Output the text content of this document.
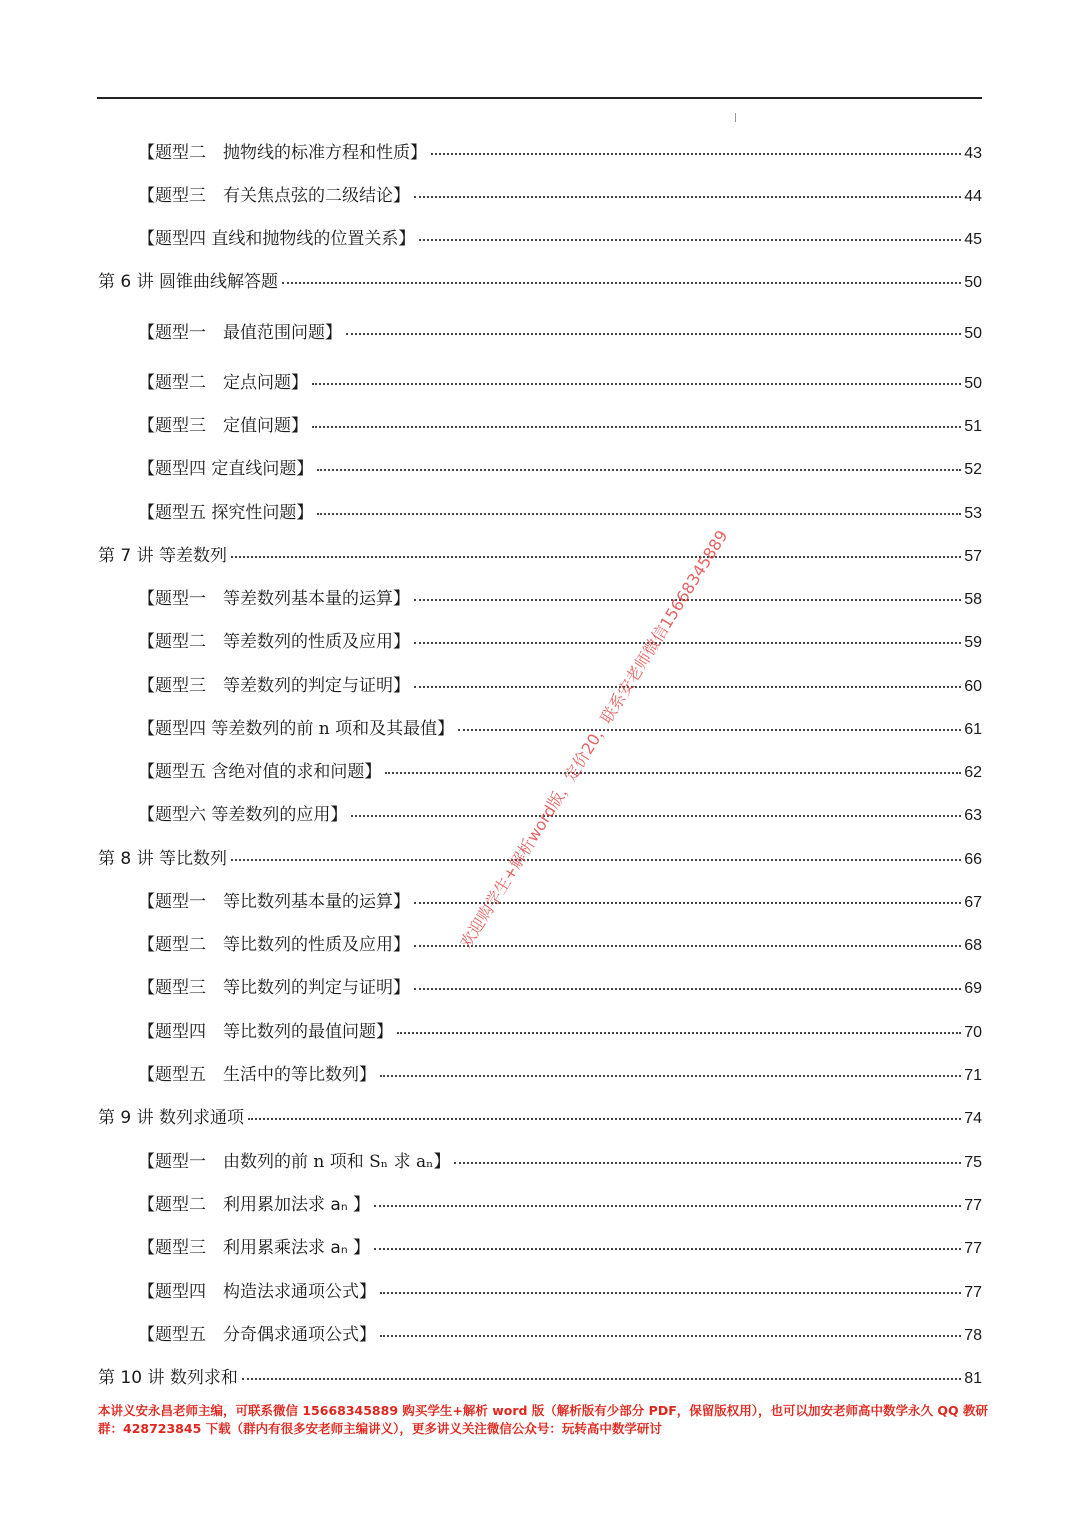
【题型二　抛物线的标准方程和性质】	43
【题型三　有关焦点弦的二级结论】	44
【题型四 直线和抛物线的位置关系】	45
第 6 讲 圆锥曲线解答题	50
【题型一　最值范围问题】	50
【题型二　定点问题】	50
【题型三　定值问题】	51
【题型四 定直线问题】	52
【题型五 探究性问题】	53
第 7 讲 等差数列	57
【题型一　等差数列基本量的运算】	58
【题型二　等差数列的性质及应用】	59
【题型三　等差数列的判定与证明】	60
【题型四 等差数列的前 n 项和及其最值】	61
【题型五 含绝对值的求和问题】	62
【题型六 等差数列的应用】	63
第 8 讲 等比数列	66
【题型一　等比数列基本量的运算】	67
【题型二　等比数列的性质及应用】	68
【题型三　等比数列的判定与证明】	69
【题型四　等比数列的最值问题】	70
【题型五　生活中的等比数列】	71
第 9 讲 数列求通项	74
【题型一　由数列的前 n 项和 Sₙ 求 aₙ】	75
【题型二　利用累加法求 aₙ 】	77
【题型三　利用累乘法求 aₙ 】	77
【题型四　构造法求通项公式】	77
【题型五　分奇偶求通项公式】	78
第 10 讲 数列求和	81
欢迎购学生+解析word版，定价20，联系安老师微信15668345889
本讲义安永昌老师主编，可联系微信 15668345889 购买学生+解析 word 版（解析版有少部分 PDF，保留版权用），也可以加安老师高中数学永久 QQ 教研群：428723845 下载（群内有很多安老师主编讲义），更多讲义关注微信公众号：玩转高中数学研讨
